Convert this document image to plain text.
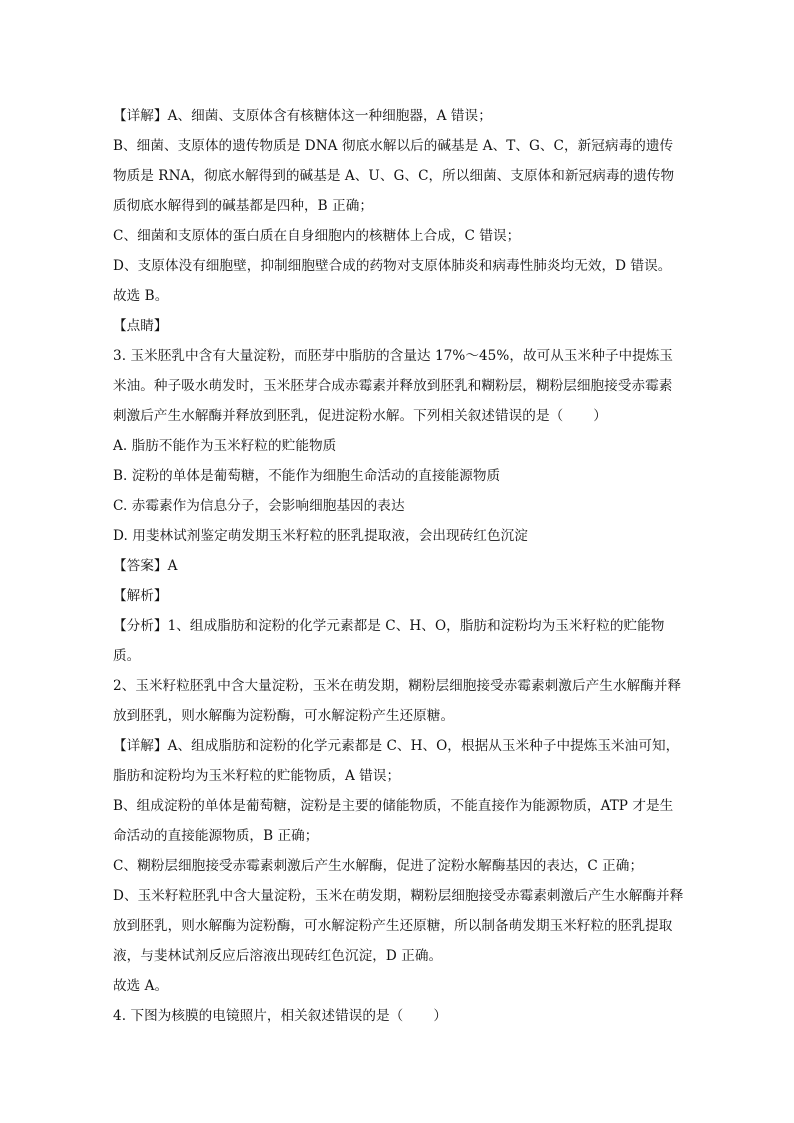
【详解】A、细菌、支原体含有核糖体这一种细胞器，A 错误；
B、细菌、支原体的遗传物质是 DNA 彻底水解以后的碱基是 A、T、G、C，新冠病毒的遗传物质是 RNA，彻底水解得到的碱基是 A、U、G、C，所以细菌、支原体和新冠病毒的遗传物质彻底水解得到的碱基都是四种，B 正确；
C、细菌和支原体的蛋白质在自身细胞内的核糖体上合成，C 错误；
D、支原体没有细胞壁，抑制细胞壁合成的药物对支原体肺炎和病毒性肺炎均无效，D 错误。
故选 B。
【点睛】
3. 玉米胚乳中含有大量淀粉，而胚芽中脂肪的含量达 17%～45%，故可从玉米种子中提炼玉米油。种子吸水萌发时，玉米胚芽合成赤霉素并释放到胚乳和糊粉层，糊粉层细胞接受赤霉素刺激后产生水解酶并释放到胚乳，促进淀粉水解。下列相关叙述错误的是（ ）
A. 脂肪不能作为玉米籽粒的贮能物质
B. 淀粉的单体是葡萄糖，不能作为细胞生命活动的直接能源物质
C. 赤霉素作为信息分子，会影响细胞基因的表达
D. 用斐林试剂鉴定萌发期玉米籽粒的胚乳提取液，会出现砖红色沉淀
【答案】A
【解析】
【分析】1、组成脂肪和淀粉的化学元素都是 C、H、O，脂肪和淀粉均为玉米籽粒的贮能物质。
2、玉米籽粒胚乳中含大量淀粉，玉米在萌发期，糊粉层细胞接受赤霉素刺激后产生水解酶并释放到胚乳，则水解酶为淀粉酶，可水解淀粉产生还原糖。
【详解】A、组成脂肪和淀粉的化学元素都是 C、H、O，根据从玉米种子中提炼玉米油可知，脂肪和淀粉均为玉米籽粒的贮能物质，A 错误；
B、组成淀粉的单体是葡萄糖，淀粉是主要的储能物质，不能直接作为能源物质，ATP 才是生命活动的直接能源物质，B 正确；
C、糊粉层细胞接受赤霉素刺激后产生水解酶，促进了淀粉水解酶基因的表达，C 正确；
D、玉米籽粒胚乳中含大量淀粉，玉米在萌发期，糊粉层细胞接受赤霉素刺激后产生水解酶并释放到胚乳，则水解酶为淀粉酶，可水解淀粉产生还原糖，所以制备萌发期玉米籽粒的胚乳提取液，与斐林试剂反应后溶液出现砖红色沉淀，D 正确。
故选 A。
4. 下图为核膜的电镜照片，相关叙述错误的是（ ）
